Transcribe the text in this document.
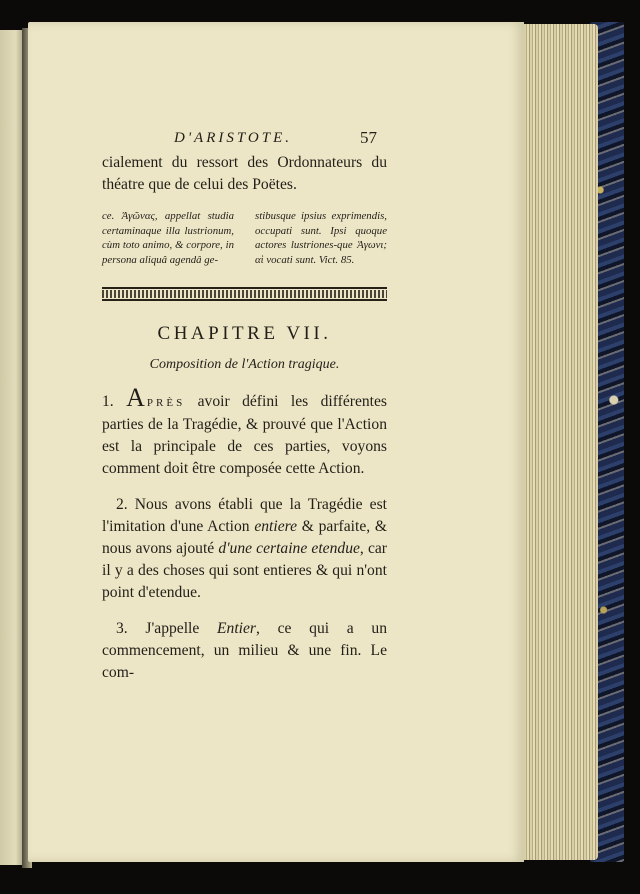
D'ARISTOTE.	57

cialement du ressort des Ordonnateurs du

théatre que de celui des Poëtes.

ce. Ἀγῶνας, appellat studia certaminaque illa lustrionum, cùm toto animo, & corpore, in persona aliquâ agendâ ge-
stibusque ipsius exprimendis, occupati sunt. Ipsi quoque actores lustriones-que Ἀγωνι; αὶ vocati sunt. Vict. 85.
CHAPITRE VII.
Composition de l'Action tragique.
1. APRÈS avoir défini les différentes parties de la Tragédie, & prouvé que l'Action est la principale de ces parties, voyons comment doit être composée cette Action.
2. Nous avons établi que la Tragédie est l'imitation d'une Action entiere & parfaite, & nous avons ajouté d'une certaine etendue, car il y a des choses qui sont entieres & qui n'ont point d'etendue.
3. J'appelle Entier, ce qui a un commencement, un milieu & une fin. Le com-
